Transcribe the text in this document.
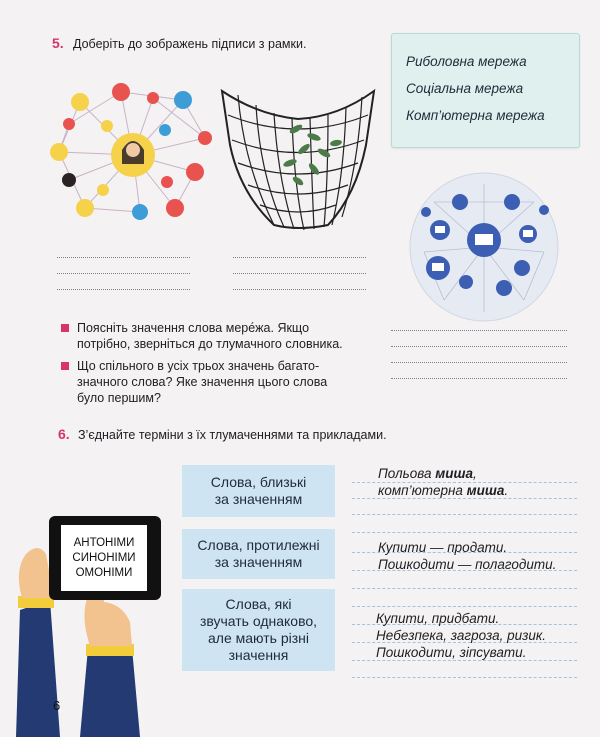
5. Доберіть до зображень підписи з рамки.
Риболовна мережа
Соціальна мережа
Комп’ютерна мережа
Поясніть значення слова мере́жа. Якщо
потрібно, зверніться до тлумачного словника.
Що спільного в усіх трьох значень багато-
значного слова? Яке значення цього слова
було першим?
6. З’єднайте терміни з їх тлумаченнями та прикладами.
АНТОНІМИ
СИНОНІМИ
ОМОНІМИ
Слова, близькі
за значенням
Слова, протилежні
за значенням
Слова, які
звучать однаково,
але мають різні
значення
Польова миша,
комп’ютерна миша.
Купити — продати.
Пошкодити — полагодити.
Купити, придбати.
Небезпека, загроза, ризик.
Пошкодити, зіпсувати.
6
